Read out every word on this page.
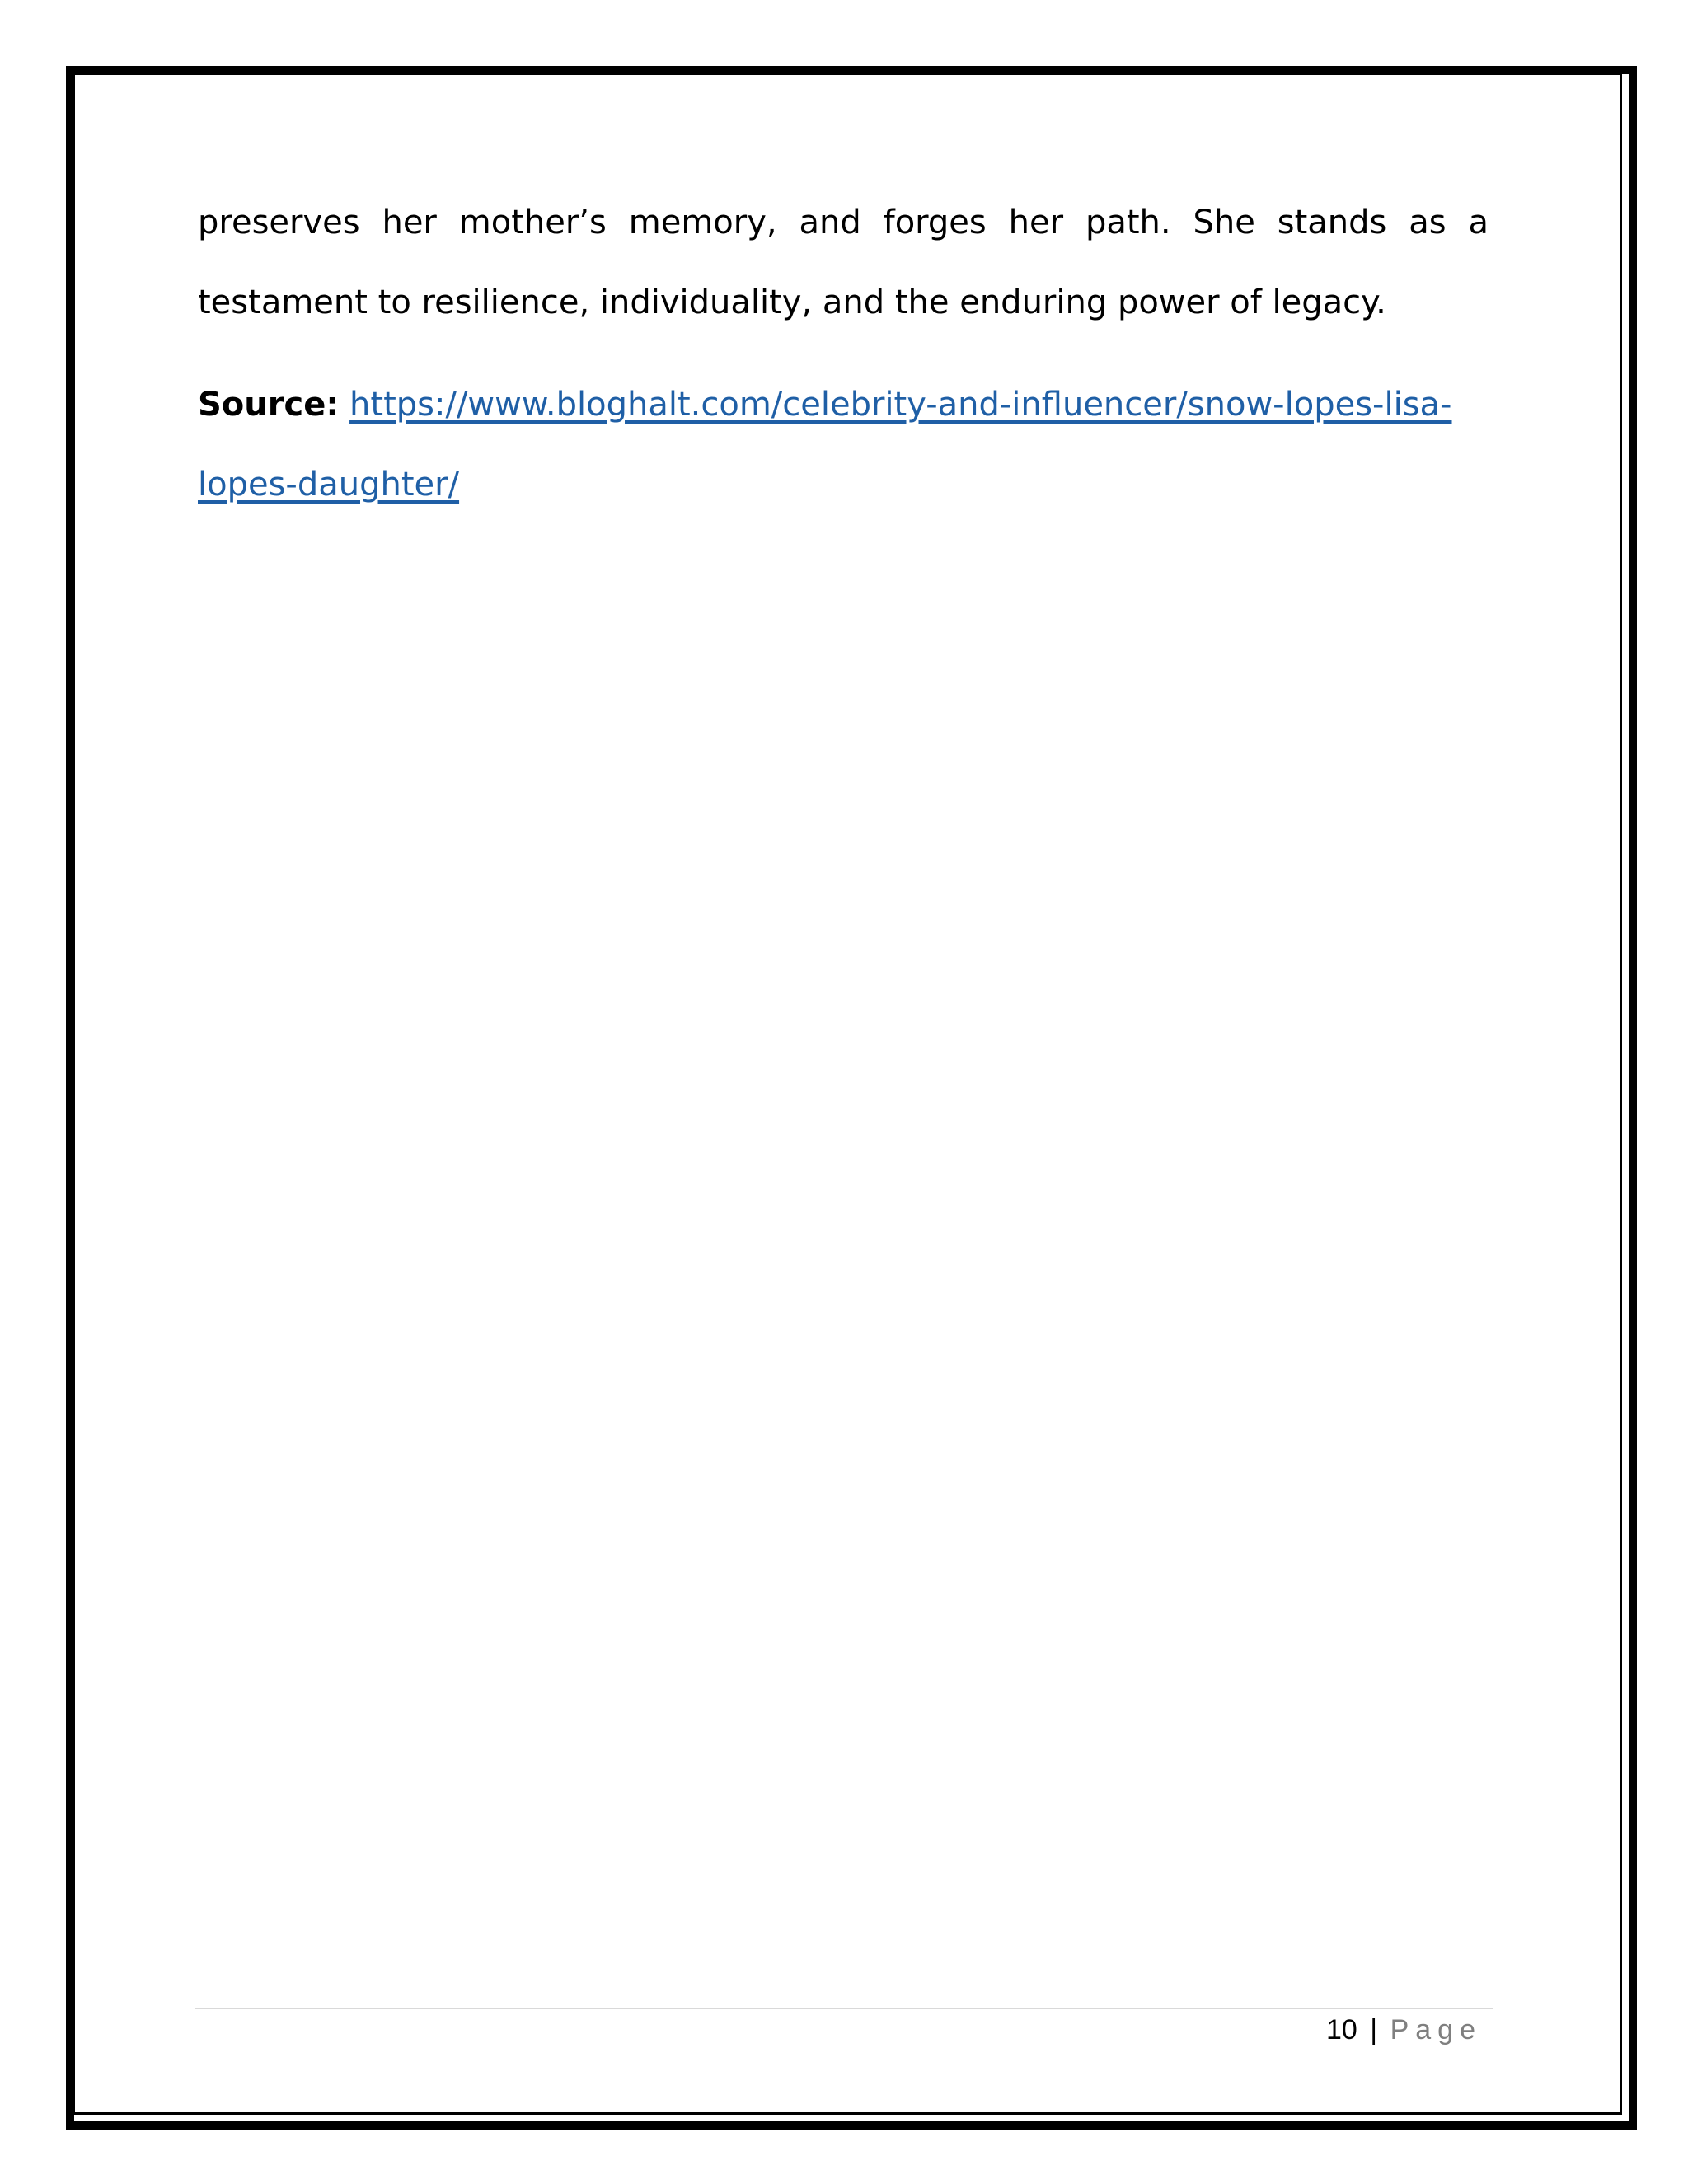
preserves her mother’s memory, and forges her path. She stands as a
testament to resilience, individuality, and the enduring power of legacy.

Source: https://www.bloghalt.com/celebrity-and-influencer/snow-lopes-lisa-
lopes-daughter/
10 | Page
